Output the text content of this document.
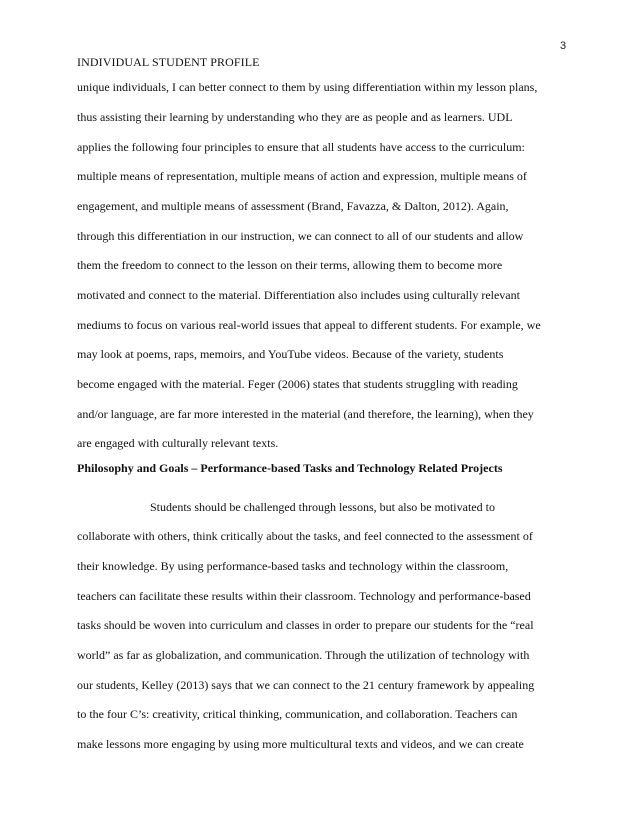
3
INDIVIDUAL STUDENT PROFILE
unique individuals, I can better connect to them by using differentiation within my lesson plans,
thus assisting their learning by understanding who they are as people and as learners. UDL
applies the following four principles to ensure that all students have access to the curriculum:
multiple means of representation, multiple means of action and expression, multiple means of
engagement, and multiple means of assessment (Brand, Favazza, & Dalton, 2012). Again,
through this differentiation in our instruction, we can connect to all of our students and allow
them the freedom to connect to the lesson on their terms, allowing them to become more
motivated and connect to the material. Differentiation also includes using culturally relevant
mediums to focus on various real-world issues that appeal to different students. For example, we
may look at poems, raps, memoirs, and YouTube videos. Because of the variety, students
become engaged with the material. Feger (2006) states that students struggling with reading
and/or language, are far more interested in the material (and therefore, the learning), when they
are engaged with culturally relevant texts.
Philosophy and Goals – Performance-based Tasks and Technology Related Projects
Students should be challenged through lessons, but also be motivated to
collaborate with others, think critically about the tasks, and feel connected to the assessment of
their knowledge. By using performance-based tasks and technology within the classroom,
teachers can facilitate these results within their classroom. Technology and performance-based
tasks should be woven into curriculum and classes in order to prepare our students for the “real
world” as far as globalization, and communication. Through the utilization of technology with
our students, Kelley (2013) says that we can connect to the 21 century framework by appealing
to the four C’s: creativity, critical thinking, communication, and collaboration. Teachers can
make lessons more engaging by using more multicultural texts and videos, and we can create
